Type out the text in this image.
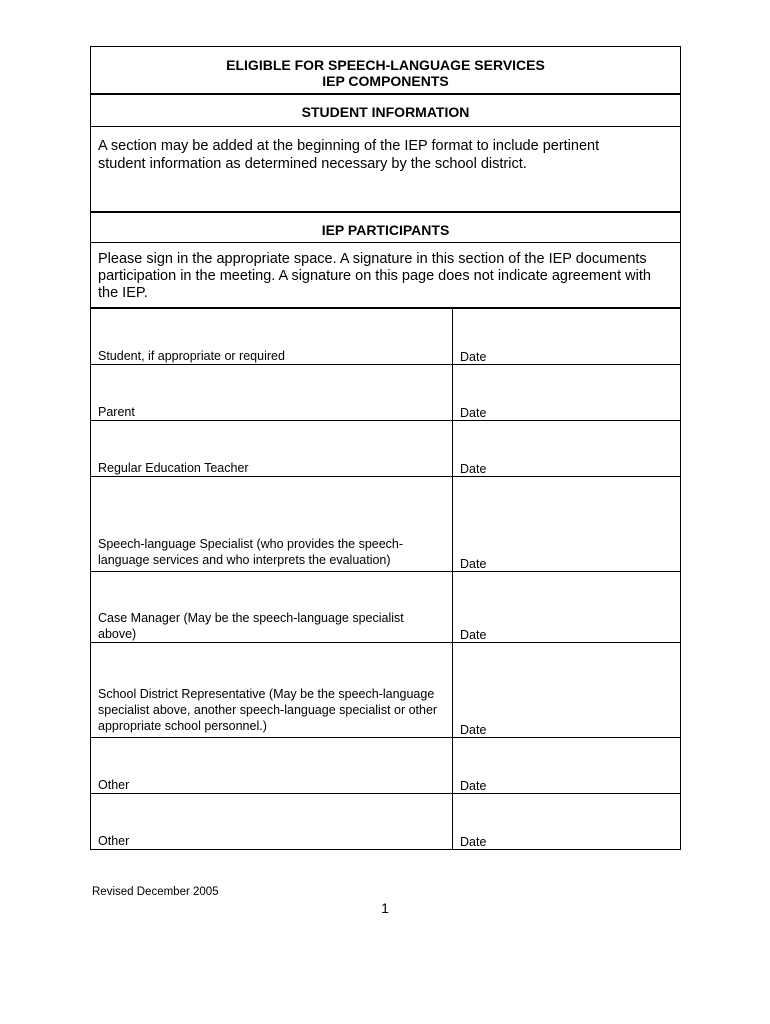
ELIGIBLE FOR SPEECH-LANGUAGE SERVICES
IEP COMPONENTS
STUDENT INFORMATION
A section may be added at the beginning of the IEP format to include pertinent student information as determined necessary by the school district.
IEP PARTICIPANTS
Please sign in the appropriate space. A signature in this section of the IEP documents participation in the meeting. A signature on this page does not indicate agreement with the IEP.
Student, if appropriate or required	Date
Parent	Date
Regular Education Teacher	Date
Speech-language Specialist (who provides the speech-language services and who interprets the evaluation)	Date
Case Manager (May be the speech-language specialist above)	Date
School District Representative (May be the speech-language specialist above, another speech-language specialist or other appropriate school personnel.)	Date
Other	Date
Other	Date
Revised December 2005
1
